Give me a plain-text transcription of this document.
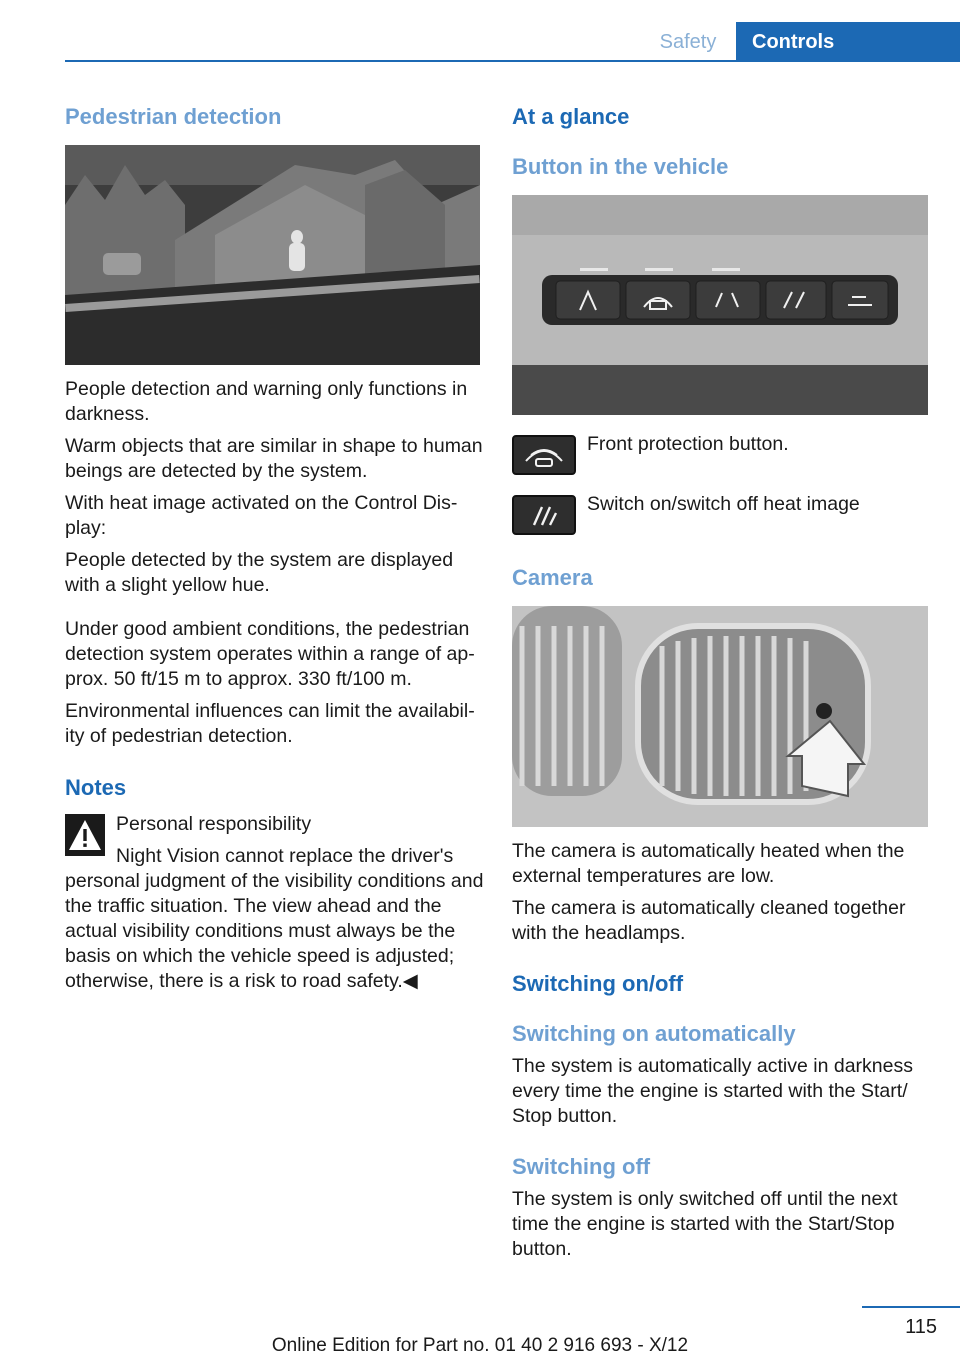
Safety	Controls
Pedestrian detection

People detection and warning only functions in darkness.

Warm objects that are similar in shape to human beings are detected by the system.

With heat image activated on the Control Dis‐ play:

People detected by the system are displayed with a slight yellow hue.

Under good ambient conditions, the pedestrian detection system operates within a range of ap‐ prox. 50 ft/15 m to approx. 330 ft/100 m.

Environmental influences can limit the availabil‐ ity of pedestrian detection.

Notes

Personal responsibility

Night Vision cannot replace the driver's personal judgment of the visibility conditions and the traffic situation. The view ahead and the actual visibility conditions must always be the basis on which the vehicle speed is adjusted; otherwise, there is a risk to road safety.◀

At a glance
Button in the vehicle

Front protection button.

Switch on/switch off heat image

Camera

The camera is automatically heated when the external temperatures are low.

The camera is automatically cleaned together with the headlamps.

Switching on/off
Switching on automatically

The system is automatically active in darkness every time the engine is started with the Start/ Stop button.

Switching off

The system is only switched off until the next time the engine is started with the Start/Stop button.

115
Online Edition for Part no. 01 40 2 916 693 - X/12
